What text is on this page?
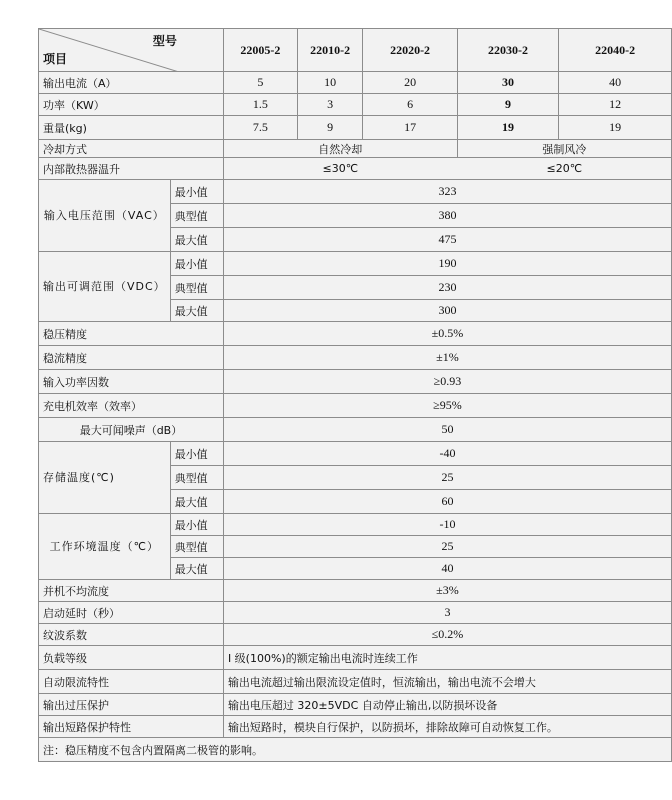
型号
项目		22005-2	22010-2	22020-2	22030-2	22040-2
输出电流（A）		5	10	20	30	40
功率（KW）		1.5	3	6	9	12
重量(kg)		7.5	9	17	19	19
冷却方式		自然冷却			强制风冷	
内部散热器温升		≤30℃			≤20℃	
输入电压范围（VAC）	最小值	323				
	典型值	380				
	最大值	475				
输出可调范围（VDC）	最小值	190				
	典型值	230				
	最大值	300				
稳压精度		±0.5%				
稳流精度		±1%				
输入功率因数		≥0.93				
充电机效率（效率）		≥95%				
最大可闻噪声（dB）		50				
存储温度(℃)	最小值	-40				
	典型值	25				
	最大值	60				
工作环境温度（℃）	最小值	-10				
	典型值	25				
	最大值	40				
并机不均流度		±3%				
启动延时（秒）		3				
纹波系数		≤0.2%				
负载等级		I 级(100%)的额定输出电流时连续工作				
自动限流特性		输出电流超过输出限流设定值时，恒流输出，输出电流不会增大				
输出过压保护		输出电压超过 320±5VDC 自动停止输出,以防损坏设备				
输出短路保护特性		输出短路时，模块自行保护，以防损坏，排除故障可自动恢复工作。				
注：稳压精度不包含内置隔离二极管的影响。						
